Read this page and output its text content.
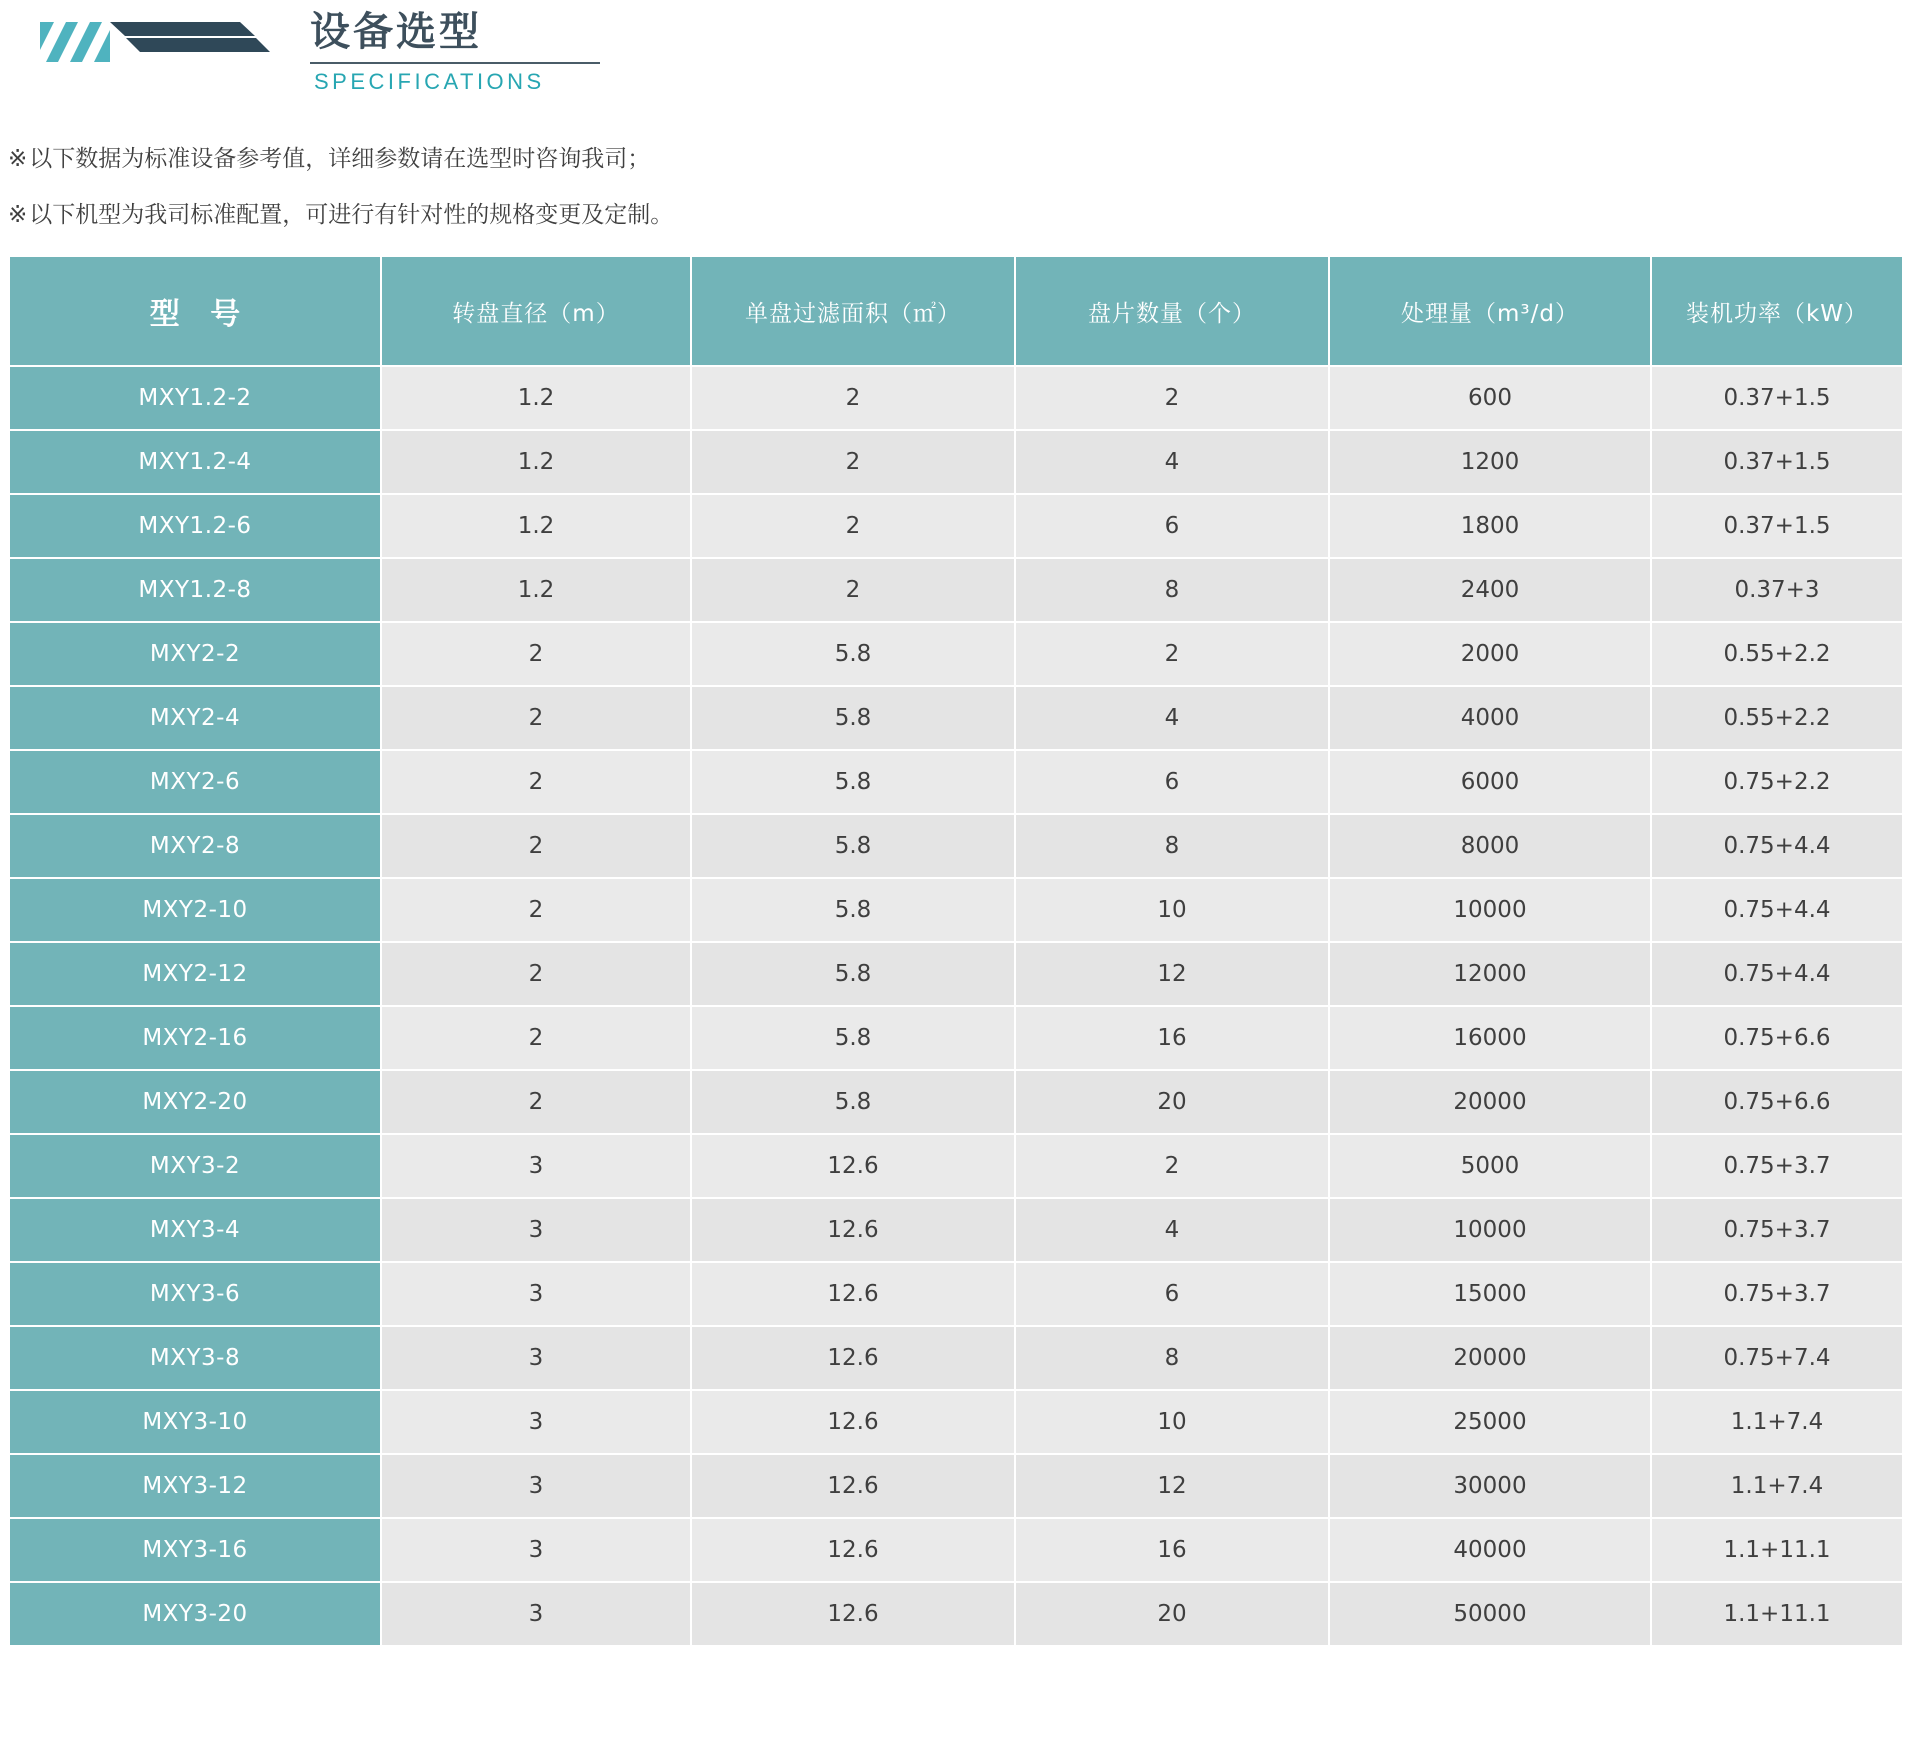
设备选型
SPECIFICATIONS
※以下数据为标准设备参考值，详细参数请在选型时咨询我司；
※以下机型为我司标准配置，可进行有针对性的规格变更及定制。
型 号	转盘直径（m）	单盘过滤面积（㎡）	盘片数量（个）	处理量（m³/d）	装机功率（kW）
MXY1.2-2	1.2	2	2	600	0.37+1.5
MXY1.2-4	1.2	2	4	1200	0.37+1.5
MXY1.2-6	1.2	2	6	1800	0.37+1.5
MXY1.2-8	1.2	2	8	2400	0.37+3
MXY2-2	2	5.8	2	2000	0.55+2.2
MXY2-4	2	5.8	4	4000	0.55+2.2
MXY2-6	2	5.8	6	6000	0.75+2.2
MXY2-8	2	5.8	8	8000	0.75+4.4
MXY2-10	2	5.8	10	10000	0.75+4.4
MXY2-12	2	5.8	12	12000	0.75+4.4
MXY2-16	2	5.8	16	16000	0.75+6.6
MXY2-20	2	5.8	20	20000	0.75+6.6
MXY3-2	3	12.6	2	5000	0.75+3.7
MXY3-4	3	12.6	4	10000	0.75+3.7
MXY3-6	3	12.6	6	15000	0.75+3.7
MXY3-8	3	12.6	8	20000	0.75+7.4
MXY3-10	3	12.6	10	25000	1.1+7.4
MXY3-12	3	12.6	12	30000	1.1+7.4
MXY3-16	3	12.6	16	40000	1.1+11.1
MXY3-20	3	12.6	20	50000	1.1+11.1
